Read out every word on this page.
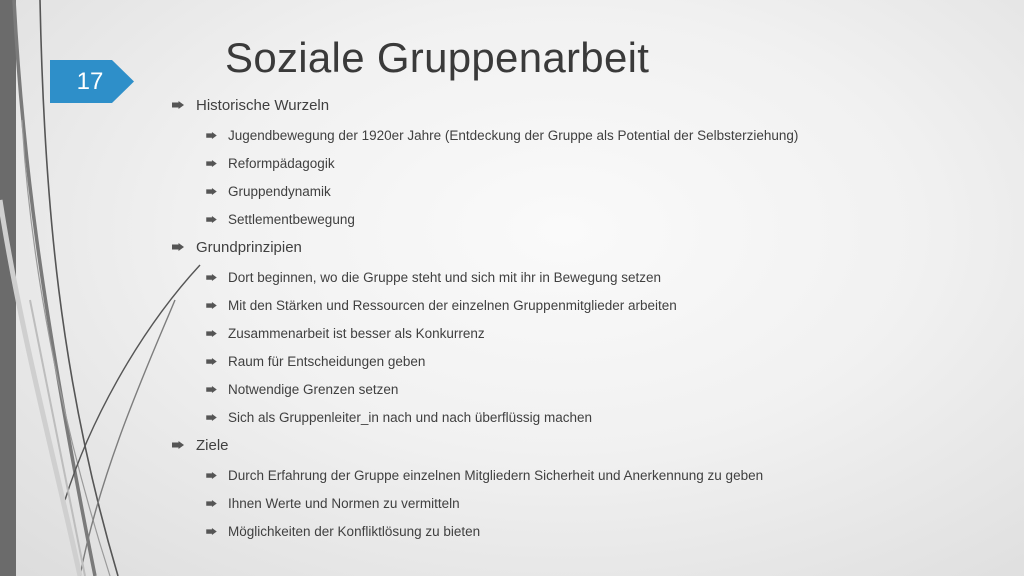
17
Soziale Gruppenarbeit
Historische Wurzeln
Jugendbewegung der 1920er Jahre (Entdeckung der Gruppe als Potential der Selbsterziehung)
Reformpädagogik
Gruppendynamik
Settlementbewegung
Grundprinzipien
Dort beginnen, wo die Gruppe steht und sich mit ihr in Bewegung setzen
Mit den Stärken und Ressourcen der einzelnen Gruppenmitglieder arbeiten
Zusammenarbeit ist besser als Konkurrenz
Raum für Entscheidungen geben
Notwendige Grenzen setzen
Sich als Gruppenleiter_in nach und nach überflüssig machen
Ziele
Durch Erfahrung der Gruppe einzelnen Mitgliedern Sicherheit und Anerkennung zu geben
Ihnen Werte und Normen zu vermitteln
Möglichkeiten der Konfliktlösung zu bieten
